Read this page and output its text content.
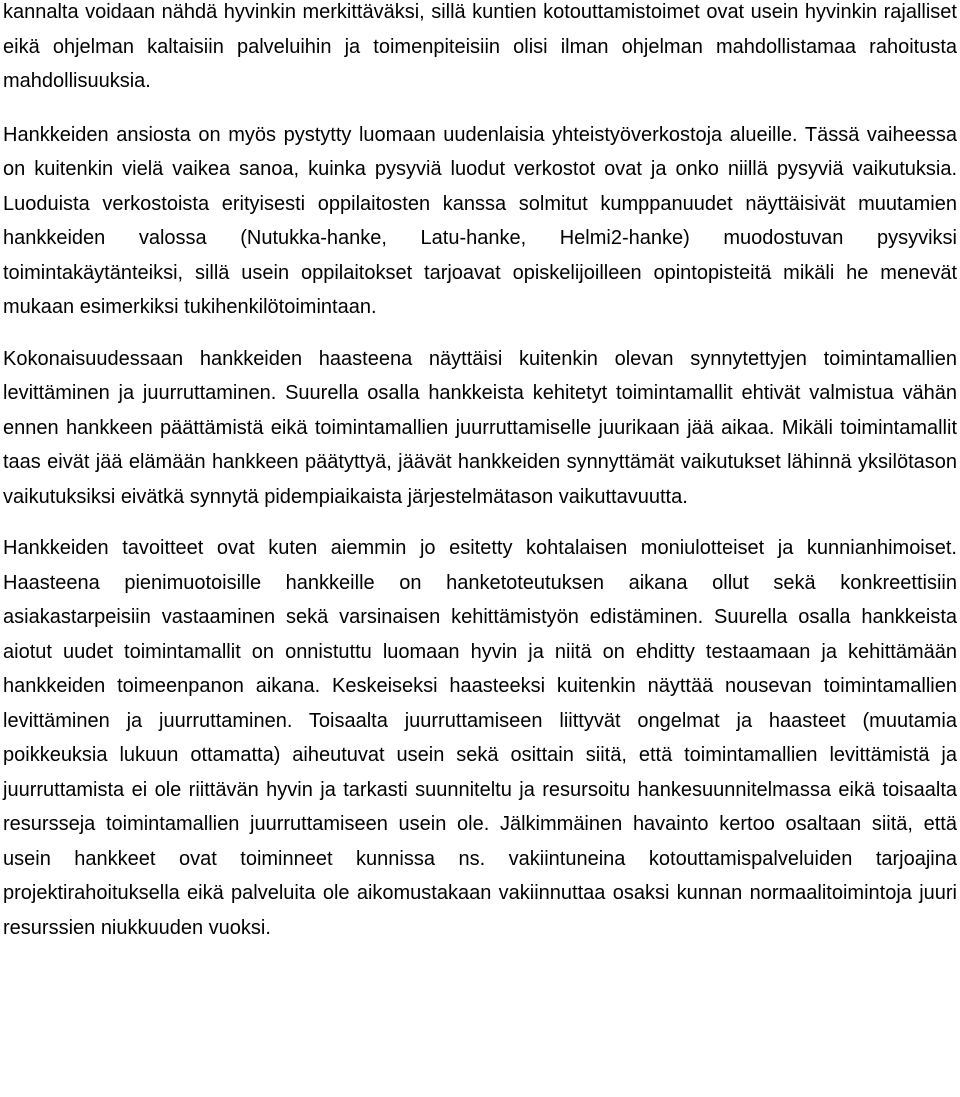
kannalta voidaan nähdä hyvinkin merkittäväksi, sillä kuntien kotouttamistoimet ovat usein hyvinkin rajalliset eikä ohjelman kaltaisiin palveluihin ja toimenpiteisiin olisi ilman ohjelman mahdollistamaa rahoitusta mahdollisuuksia.

Hankkeiden ansiosta on myös pystytty luomaan uudenlaisia yhteistyöverkostoja alueille. Tässä vaiheessa on kuitenkin vielä vaikea sanoa, kuinka pysyviä luodut verkostot ovat ja onko niillä pysyviä vaikutuksia. Luoduista verkostoista erityisesti oppilaitosten kanssa solmitut kumppanuudet näyttäisivät muutamien hankkeiden valossa (Nutukka-hanke, Latu-hanke, Helmi2-hanke) muodostuvan pysyviksi toimintakäytänteiksi, sillä usein oppilaitokset tarjoavat opiskelijoilleen opintopisteitä mikäli he menevät mukaan esimerkiksi tukihenkilötoimintaan.

Kokonaisuudessaan hankkeiden haasteena näyttäisi kuitenkin olevan synnytettyjen toimintamallien levittäminen ja juurruttaminen. Suurella osalla hankkeista kehitetyt toimintamallit ehtivät valmistua vähän ennen hankkeen päättämistä eikä toimintamallien juurruttamiselle juurikaan jää aikaa. Mikäli toimintamallit taas eivät jää elämään hankkeen päätyttyä, jäävät hankkeiden synnyttämät vaikutukset lähinnä yksilötason vaikutuksiksi eivätkä synnytä pidempiaikaista järjestelmätason vaikuttavuutta.

Hankkeiden tavoitteet ovat kuten aiemmin jo esitetty kohtalaisen moniulotteiset ja kunnianhimoiset. Haasteena pienimuotoisille hankkeille on hanketoteutuksen aikana ollut sekä konkreettisiin asiakastarpeisiin vastaaminen sekä varsinaisen kehittämistyön edistäminen. Suurella osalla hankkeista aiotut uudet toimintamallit on onnistuttu luomaan hyvin ja niitä on ehditty testaamaan ja kehittämään hankkeiden toimeenpanon aikana. Keskeiseksi haasteeksi kuitenkin näyttää nousevan toimintamallien levittäminen ja juurruttaminen. Toisaalta juurruttamiseen liittyvät ongelmat ja haasteet (muutamia poikkeuksia lukuun ottamatta) aiheutuvat usein sekä osittain siitä, että toimintamallien levittämistä ja juurruttamista ei ole riittävän hyvin ja tarkasti suunniteltu ja resursoitu hankesuunnitelmassa eikä toisaalta resursseja toimintamallien juurruttamiseen usein ole. Jälkimmäinen havainto kertoo osaltaan siitä, että usein hankkeet ovat toiminneet kunnissa ns. vakiintuneina kotouttamispalveluiden tarjoajina projektirahoituksella eikä palveluita ole aikomustakaan vakiinnuttaa osaksi kunnan normaalitoimintoja juuri resurssien niukkuuden vuoksi.
